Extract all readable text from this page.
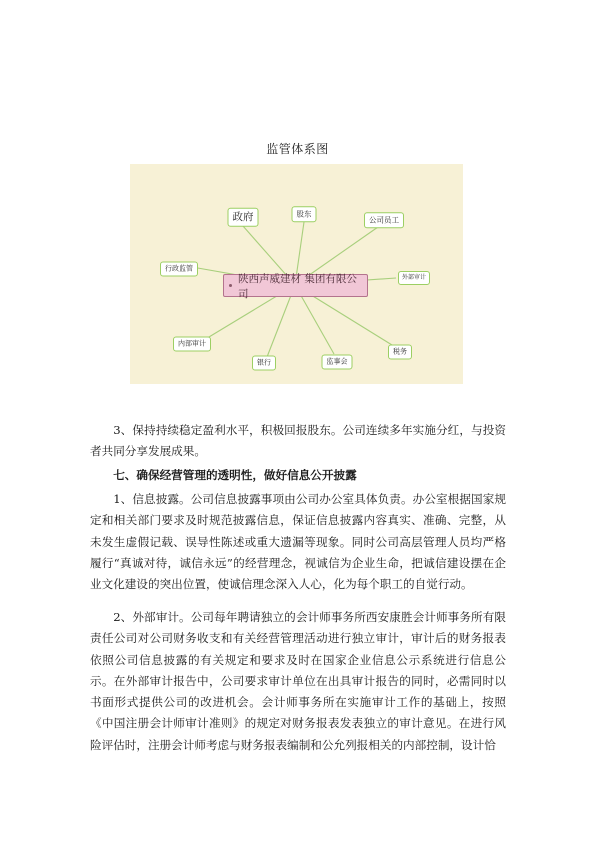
监管体系图
政府	股东
公司员工
行政监管
外部审计
内部审计
银行	监事会
税务
陕西声威建材 集团有限公司

3、保持持续稳定盈利水平，积极回报股东。公司连续多年实施分红，与投资者共同分享发展成果。

七、确保经营管理的透明性，做好信息公开披露

1、信息披露。公司信息披露事项由公司办公室具体负责。办公室根据国家规定和相关部门要求及时规范披露信息，保证信息披露内容真实、准确、完整，从未发生虚假记载、误导性陈述或重大遗漏等现象。同时公司高层管理人员均严格履行“真诚对待，诚信永远”的经营理念，视诚信为企业生命，把诚信建设摆在企业文化建设的突出位置，使诚信理念深入人心，化为每个职工的自觉行动。

2、外部审计。公司每年聘请独立的会计师事务所西安康胜会计师事务所有限责任公司对公司财务收支和有关经营管理活动进行独立审计，审计后的财务报表依照公司信息披露的有关规定和要求及时在国家企业信息公示系统进行信息公示。在外部审计报告中，公司要求审计单位在出具审计报告的同时，必需同时以书面形式提供公司的改进机会。会计师事务所在实施审计工作的基础上，按照《中国注册会计师审计准则》的规定对财务报表发表独立的审计意见。在进行风险评估时，注册会计师考虑与财务报表编制和公允列报相关的内部控制，设计恰
